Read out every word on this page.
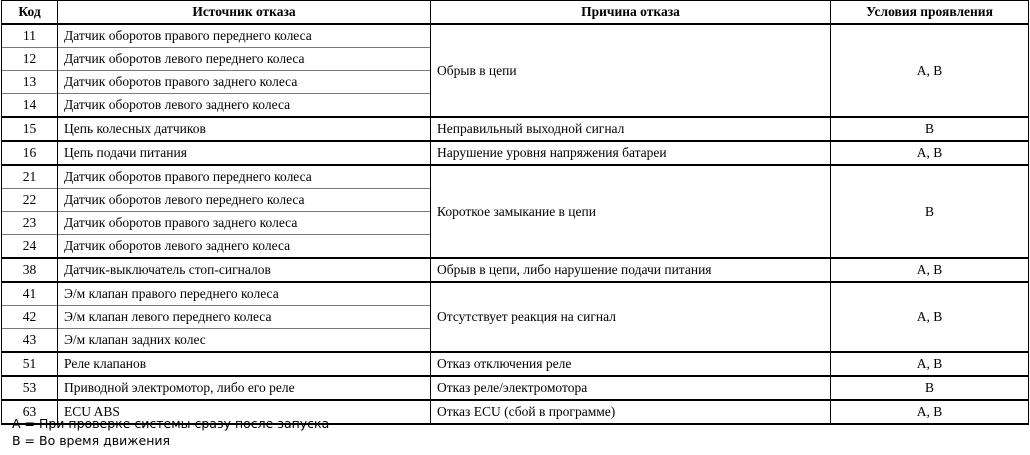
Код	Источник отказа	Причина отказа	Условия проявления
11	Датчик оборотов правого переднего колеса	Обрыв в цепи	A, B
12	Датчик оборотов левого переднего колеса		
13	Датчик оборотов правого заднего колеса		
14	Датчик оборотов левого заднего колеса		
15	Цепь колесных датчиков	Неправильный выходной сигнал	B
16	Цепь подачи питания	Нарушение уровня напряжения батареи	A, B
21	Датчик оборотов правого переднего колеса	Короткое замыкание в цепи	B
22	Датчик оборотов левого переднего колеса		
23	Датчик оборотов правого заднего колеса		
24	Датчик оборотов левого заднего колеса		
38	Датчик-выключатель стоп-сигналов	Обрыв в цепи, либо нарушение подачи питания	A, B
41	Э/м клапан правого переднего колеса	Отсутствует реакция на сигнал	A, B
42	Э/м клапан левого переднего колеса		
43	Э/м клапан задних колес		
51	Реле клапанов	Отказ отключения реле	A, B
53	Приводной электромотор, либо его реле	Отказ реле/электромотора	B
63	ECU ABS	Отказ ECU (сбой в программе)	A, B
A = При проверке системы сразу после запуска
B = Во время движения
